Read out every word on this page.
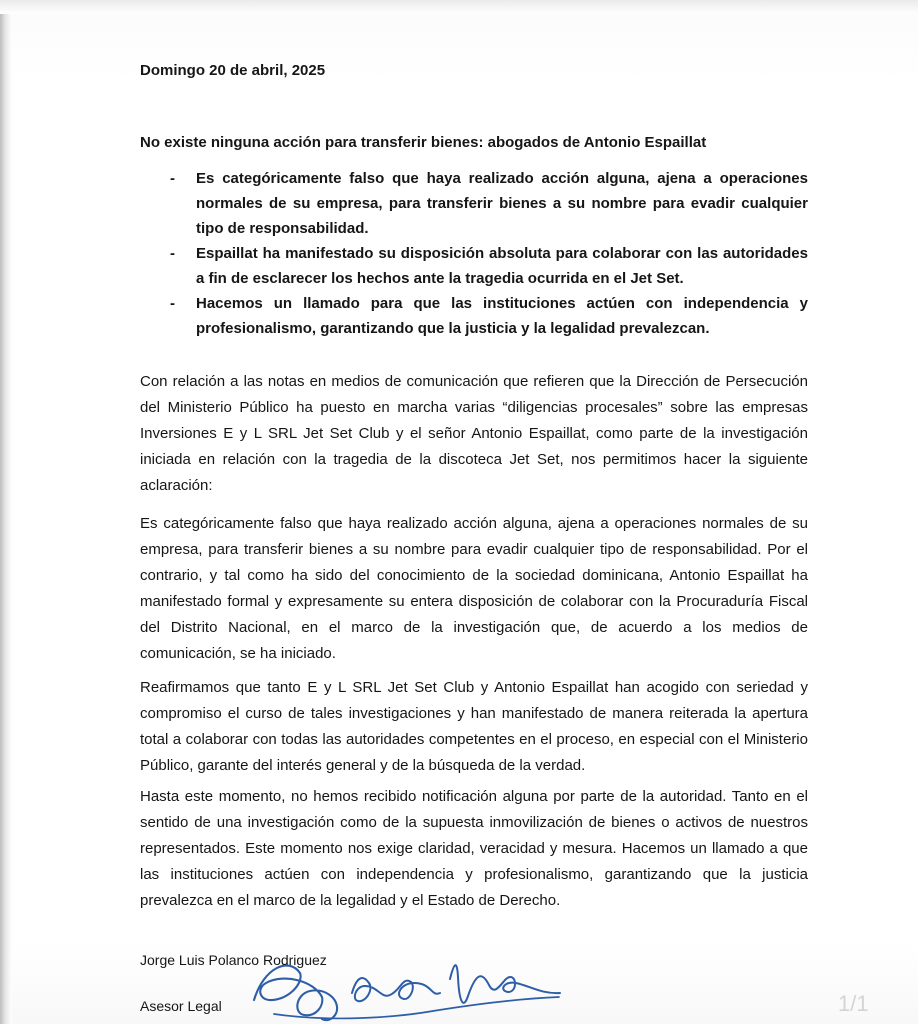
Domingo 20 de abril, 2025
No existe ninguna acción para transferir bienes: abogados de Antonio Espaillat
- Es categóricamente falso que haya realizado acción alguna, ajena a operaciones normales de su empresa, para transferir bienes a su nombre para evadir cualquier tipo de responsabilidad.
- Espaillat ha manifestado su disposición absoluta para colaborar con las autoridades a fin de esclarecer los hechos ante la tragedia ocurrida en el Jet Set.
- Hacemos un llamado para que las instituciones actúen con independencia y profesionalismo, garantizando que la justicia y la legalidad prevalezcan.

Con relación a las notas en medios de comunicación que refieren que la Dirección de Persecución del Ministerio Público ha puesto en marcha varias “diligencias procesales” sobre las empresas Inversiones E y L SRL Jet Set Club y el señor Antonio Espaillat, como parte de la investigación iniciada en relación con la tragedia de la discoteca Jet Set, nos permitimos hacer la siguiente aclaración:

Es categóricamente falso que haya realizado acción alguna, ajena a operaciones normales de su empresa, para transferir bienes a su nombre para evadir cualquier tipo de responsabilidad. Por el contrario, y tal como ha sido del conocimiento de la sociedad dominicana, Antonio Espaillat ha manifestado formal y expresamente su entera disposición de colaborar con la Procuraduría Fiscal del Distrito Nacional, en el marco de la investigación que, de acuerdo a los medios de comunicación, se ha iniciado.

Reafirmamos que tanto E y L SRL Jet Set Club y Antonio Espaillat han acogido con seriedad y compromiso el curso de tales investigaciones y han manifestado de manera reiterada la apertura total a colaborar con todas las autoridades competentes en el proceso, en especial con el Ministerio Público, garante del interés general y de la búsqueda de la verdad.

Hasta este momento, no hemos recibido notificación alguna por parte de la autoridad. Tanto en el sentido de una investigación como de la supuesta inmovilización de bienes o activos de nuestros representados. Este momento nos exige claridad, veracidad y mesura. Hacemos un llamado a que las instituciones actúen con independencia y profesionalismo, garantizando que la justicia prevalezca en el marco de la legalidad y el Estado de Derecho.

Jorge Luis Polanco Rodriguez
Asesor Legal	1/1
